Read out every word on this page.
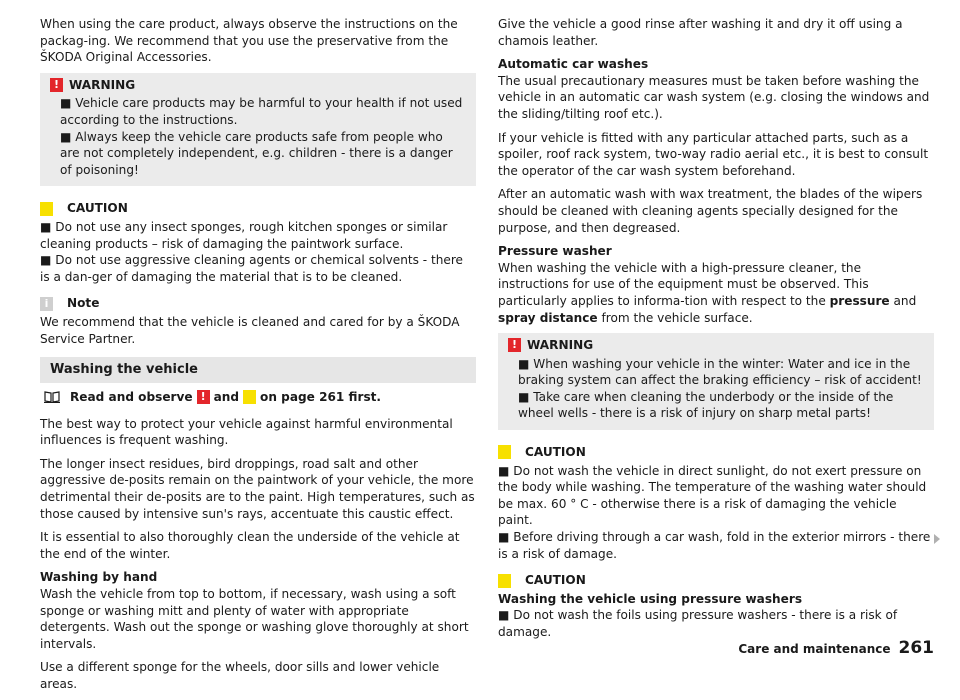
When using the care product, always observe the instructions on the packag-ing. We recommend that you use the preservative from the ŠKODA Original Accessories.

! WARNING

■ Vehicle care products may be harmful to your health if not used according to the instructions.

■ Always keep the vehicle care products safe from people who are not completely independent, e.g. children - there is a danger of poisoning!

CAUTION

■ Do not use any insect sponges, rough kitchen sponges or similar cleaning products – risk of damaging the paintwork surface.

■ Do not use aggressive cleaning agents or chemical solvents - there is a dan-ger of damaging the material that is to be cleaned.

i	Note

We recommend that the vehicle is cleaned and cared for by a ŠKODA Service Partner.

Washing the vehicle
Read and observe ! and on page 261 first.

The best way to protect your vehicle against harmful environmental influences is frequent washing.

The longer insect residues, bird droppings, road salt and other aggressive de-posits remain on the paintwork of your vehicle, the more detrimental their de-posits are to the paint. High temperatures, such as those caused by intensive sun's rays, accentuate this caustic effect.

It is essential to also thoroughly clean the underside of the vehicle at the end of the winter.

Washing by hand
Wash the vehicle from top to bottom, if necessary, wash using a soft sponge or washing mitt and plenty of water with appropriate detergents. Wash out the sponge or washing glove thoroughly at short intervals.

Use a different sponge for the wheels, door sills and lower vehicle areas.

Give the vehicle a good rinse after washing it and dry it off using a chamois leather.

Automatic car washes
The usual precautionary measures must be taken before washing the vehicle in an automatic car wash system (e.g. closing the windows and the sliding/tilting roof etc.).

If your vehicle is fitted with any particular attached parts, such as a spoiler, roof rack system, two-way radio aerial etc., it is best to consult the operator of the car wash system beforehand.

After an automatic wash with wax treatment, the blades of the wipers should be cleaned with cleaning agents specially designed for the purpose, and then degreased.

Pressure washer
When washing the vehicle with a high-pressure cleaner, the instructions for use of the equipment must be observed. This particularly applies to informa-tion with respect to the pressure and spray distance from the vehicle surface.

! WARNING

■ When washing your vehicle in the winter: Water and ice in the braking system can affect the braking efficiency – risk of accident!

■ Take care when cleaning the underbody or the inside of the wheel wells - there is a risk of injury on sharp metal parts!

CAUTION

■ Do not wash the vehicle in direct sunlight, do not exert pressure on the body while washing. The temperature of the washing water should be max. 60 ° C - otherwise there is a risk of damaging the vehicle paint.

■ Before driving through a car wash, fold in the exterior mirrors - there is a risk of damage.

CAUTION

Washing the vehicle using pressure washers
■ Do not wash the foils using pressure washers - there is a risk of damage.

Care and maintenance 261
